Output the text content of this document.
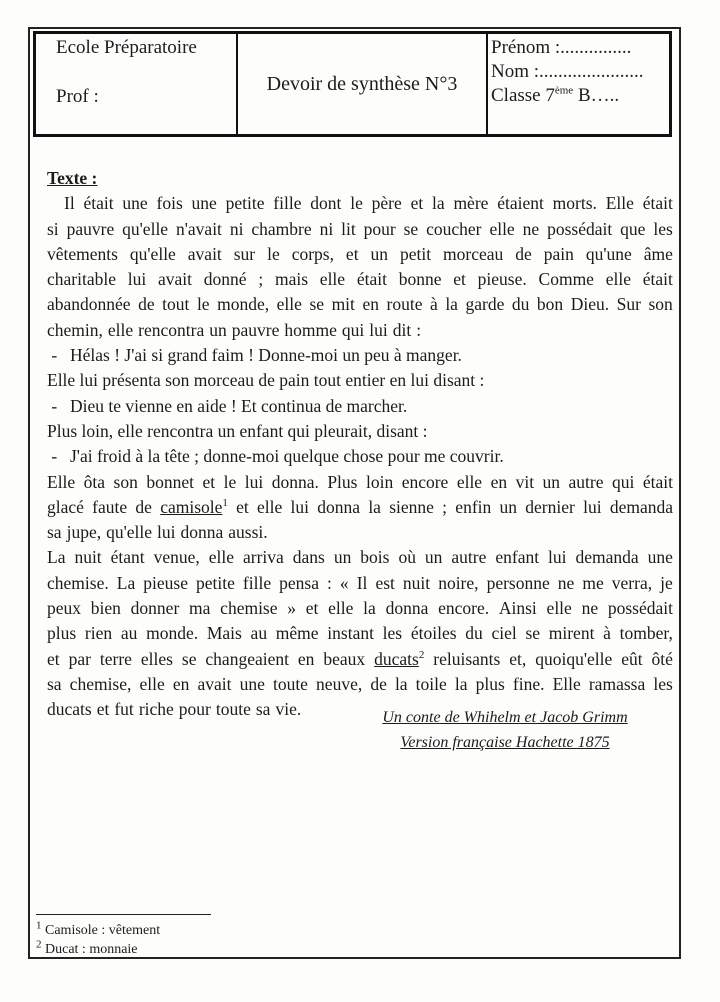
Ecole Préparatoire
Prof :
Devoir de synthèse N°3
Prénom :...............
Nom :......................
Classe 7ème B…..
Texte :
Il était une fois une petite fille dont le père et la mère étaient morts. Elle était
si pauvre qu'elle n'avait ni chambre ni lit pour se coucher elle ne possédait que les
vêtements qu'elle avait sur le corps, et un petit morceau de pain qu'une âme
charitable lui avait donné ; mais elle était bonne et pieuse. Comme elle était
abandonnée de tout le monde, elle se mit en route à la garde du bon Dieu. Sur son
chemin, elle rencontra un pauvre homme qui lui dit :
- Hélas ! J'ai si grand faim ! Donne-moi un peu à manger.
Elle lui présenta son morceau de pain tout entier en lui disant :
- Dieu te vienne en aide ! Et continua de marcher.
Plus loin, elle rencontra un enfant qui pleurait, disant :
- J'ai froid à la tête ; donne-moi quelque chose pour me couvrir.
Elle ôta son bonnet et le lui donna. Plus loin encore elle en vit un autre qui était
glacé faute de camisole$^1$ et elle lui donna la sienne ; enfin un dernier lui demanda
sa jupe, qu'elle lui donna aussi.
La nuit étant venue, elle arriva dans un bois où un autre enfant lui demanda une
chemise. La pieuse petite fille pensa : « Il est nuit noire, personne ne me verra, je
peux bien donner ma chemise » et elle la donna encore. Ainsi elle ne possédait
plus rien au monde. Mais au même instant les étoiles du ciel se mirent à tomber,
et par terre elles se changeaient en beaux ducats$^2$ reluisants et, quoiqu'elle eût ôté
sa chemise, elle en avait une toute neuve, de la toile la plus fine. Elle ramassa les
ducats et fut riche pour toute sa vie.	Un conte de Whihelm et Jacob Grimm
Version française Hachette 1875
$^1$ Camisole : vêtement
$^2$ Ducat : monnaie
